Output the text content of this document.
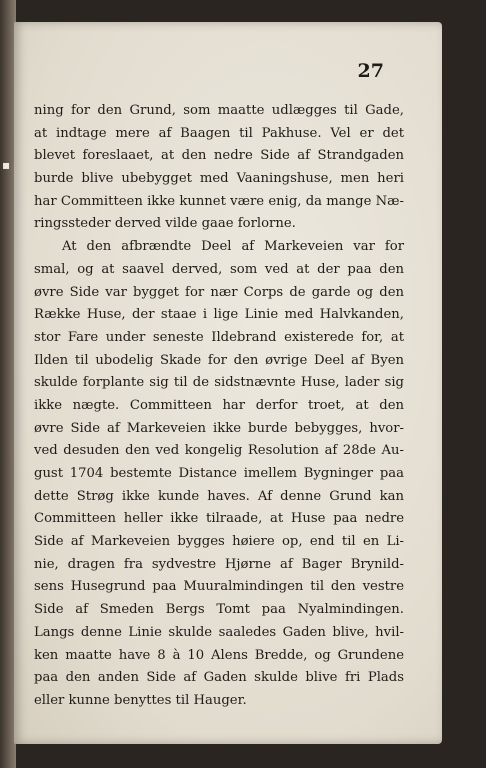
▪
27
ning for den Grund, som maatte udlægges til Gade,
at indtage mere af Baagen til Pakhuse. Vel er det
blevet foreslaaet, at den nedre Side af Strandgaden
burde blive ubebygget med Vaaningshuse, men heri
har Committeen ikke kunnet være enig, da mange Næ-
ringssteder derved vilde gaae forlorne.
At den afbrændte Deel af Markeveien var for
smal, og at saavel derved, som ved at der paa den
øvre Side var bygget for nær Corps de garde og den
Række Huse, der staae i lige Linie med Halvkanden,
stor Fare under seneste Ildebrand existerede for, at
Ilden til ubodelig Skade for den øvrige Deel af Byen
skulde forplante sig til de sidstnævnte Huse, lader sig
ikke nægte. Committeen har derfor troet, at den
øvre Side af Markeveien ikke burde bebygges, hvor-
ved desuden den ved kongelig Resolution af 28de Au-
gust 1704 bestemte Distance imellem Bygninger paa
dette Strøg ikke kunde haves. Af denne Grund kan
Committeen heller ikke tilraade, at Huse paa nedre
Side af Markeveien bygges høiere op, end til en Li-
nie, dragen fra sydvestre Hjørne af Bager Brynild-
sens Husegrund paa Muuralmindingen til den vestre
Side af Smeden Bergs Tomt paa Nyalmindingen.
Langs denne Linie skulde saaledes Gaden blive, hvil-
ken maatte have 8 à 10 Alens Bredde, og Grundene
paa den anden Side af Gaden skulde blive fri Plads
eller kunne benyttes til Hauger.
